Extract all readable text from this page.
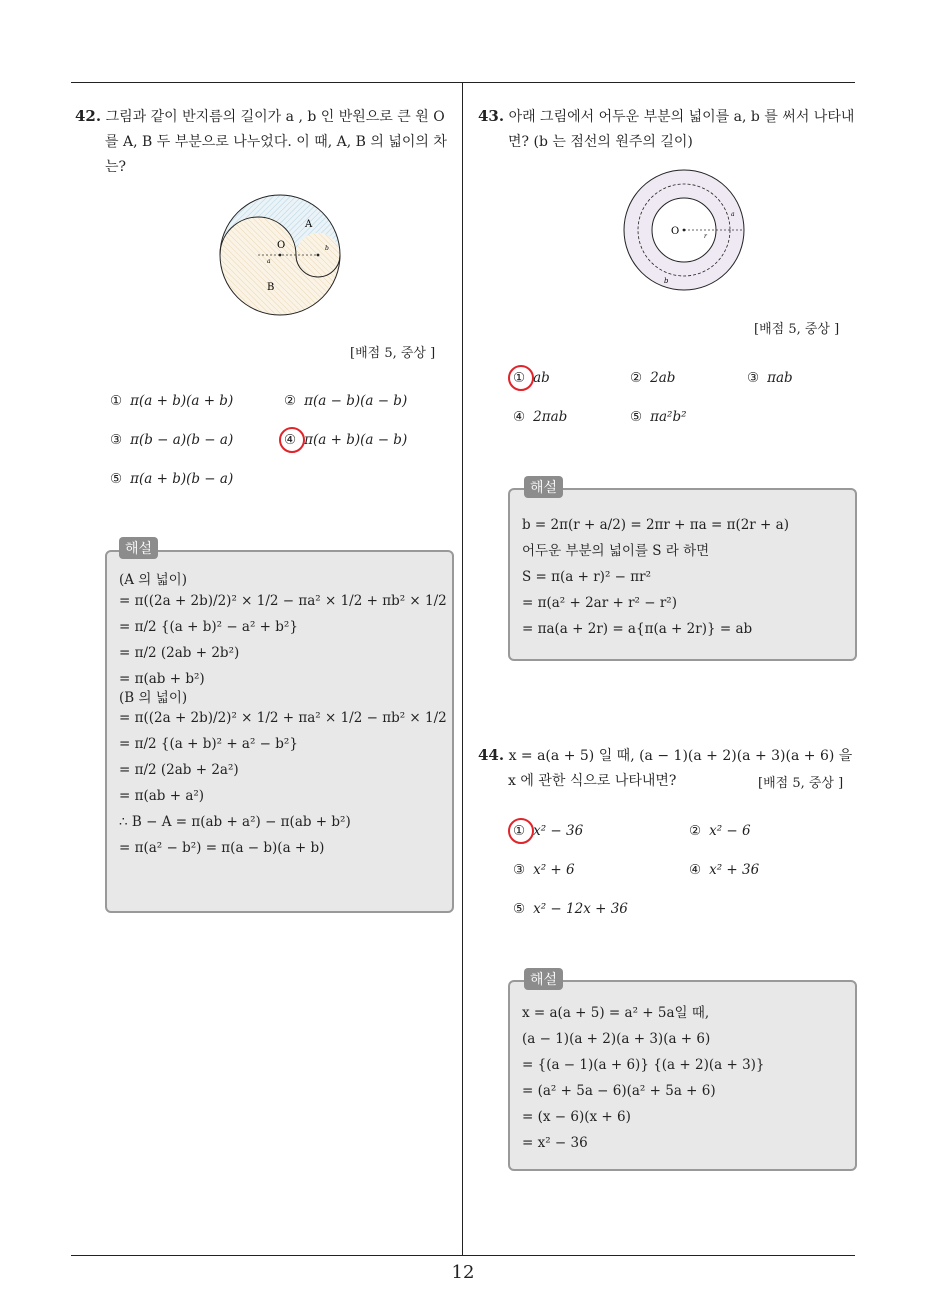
42. 그림과 같이 반지름의 길이가 a , b 인 반원으로 큰 원 O 를 A, B 두 부분으로 나누었다. 이 때, A, B 의 넓이의 차는?
O
A
B
a
b
[배점 5, 중상 ]
① π(a + b)(a + b)	② π(a − b)(a − b)
③ π(b − a)(b − a)	④ π(a + b)(a − b)
⑤ π(a + b)(b − a)
(A 의 넓이)
= π((2a + 2b)/2)² × 1/2 − πa² × 1/2 + πb² × 1/2
= π/2 {(a + b)² − a² + b²}
= π/2 (2ab + 2b²)
= π(ab + b²)
(B 의 넓이)
= π((2a + 2b)/2)² × 1/2 + πa² × 1/2 − πb² × 1/2
= π/2 {(a + b)² + a² − b²}
= π/2 (2ab + 2a²)
= π(ab + a²)
∴ B − A = π(ab + a²) − π(ab + b²)
= π(a² − b²) = π(a − b)(a + b)
해설
43. 아래 그림에서 어두운 부분의 넓이를 a, b 를 써서 나타내면? (b 는 점선의 원주의 길이)
O
a
r
b
[배점 5, 중상 ]
① ab	② 2ab	③ πab
④ 2πab	⑤ πa²b²
b = 2π(r + a/2) = 2πr + πa = π(2r + a)
어두운 부분의 넓이를 S 라 하면
S = π(a + r)² − πr²
= π(a² + 2ar + r² − r²)
= πa(a + 2r) = a{π(a + 2r)} = ab
해설
44. x = a(a + 5) 일 때, (a − 1)(a + 2)(a + 3)(a + 6) 을 x 에 관한 식으로 나타내면?	[배점 5, 중상 ]
① x² − 36	② x² − 6
③ x² + 6	④ x² + 36
⑤ x² − 12x + 36
x = a(a + 5) = a² + 5a일 때,
(a − 1)(a + 2)(a + 3)(a + 6)
= {(a − 1)(a + 6)} {(a + 2)(a + 3)}
= (a² + 5a − 6)(a² + 5a + 6)
= (x − 6)(x + 6)
= x² − 36
해설
12
